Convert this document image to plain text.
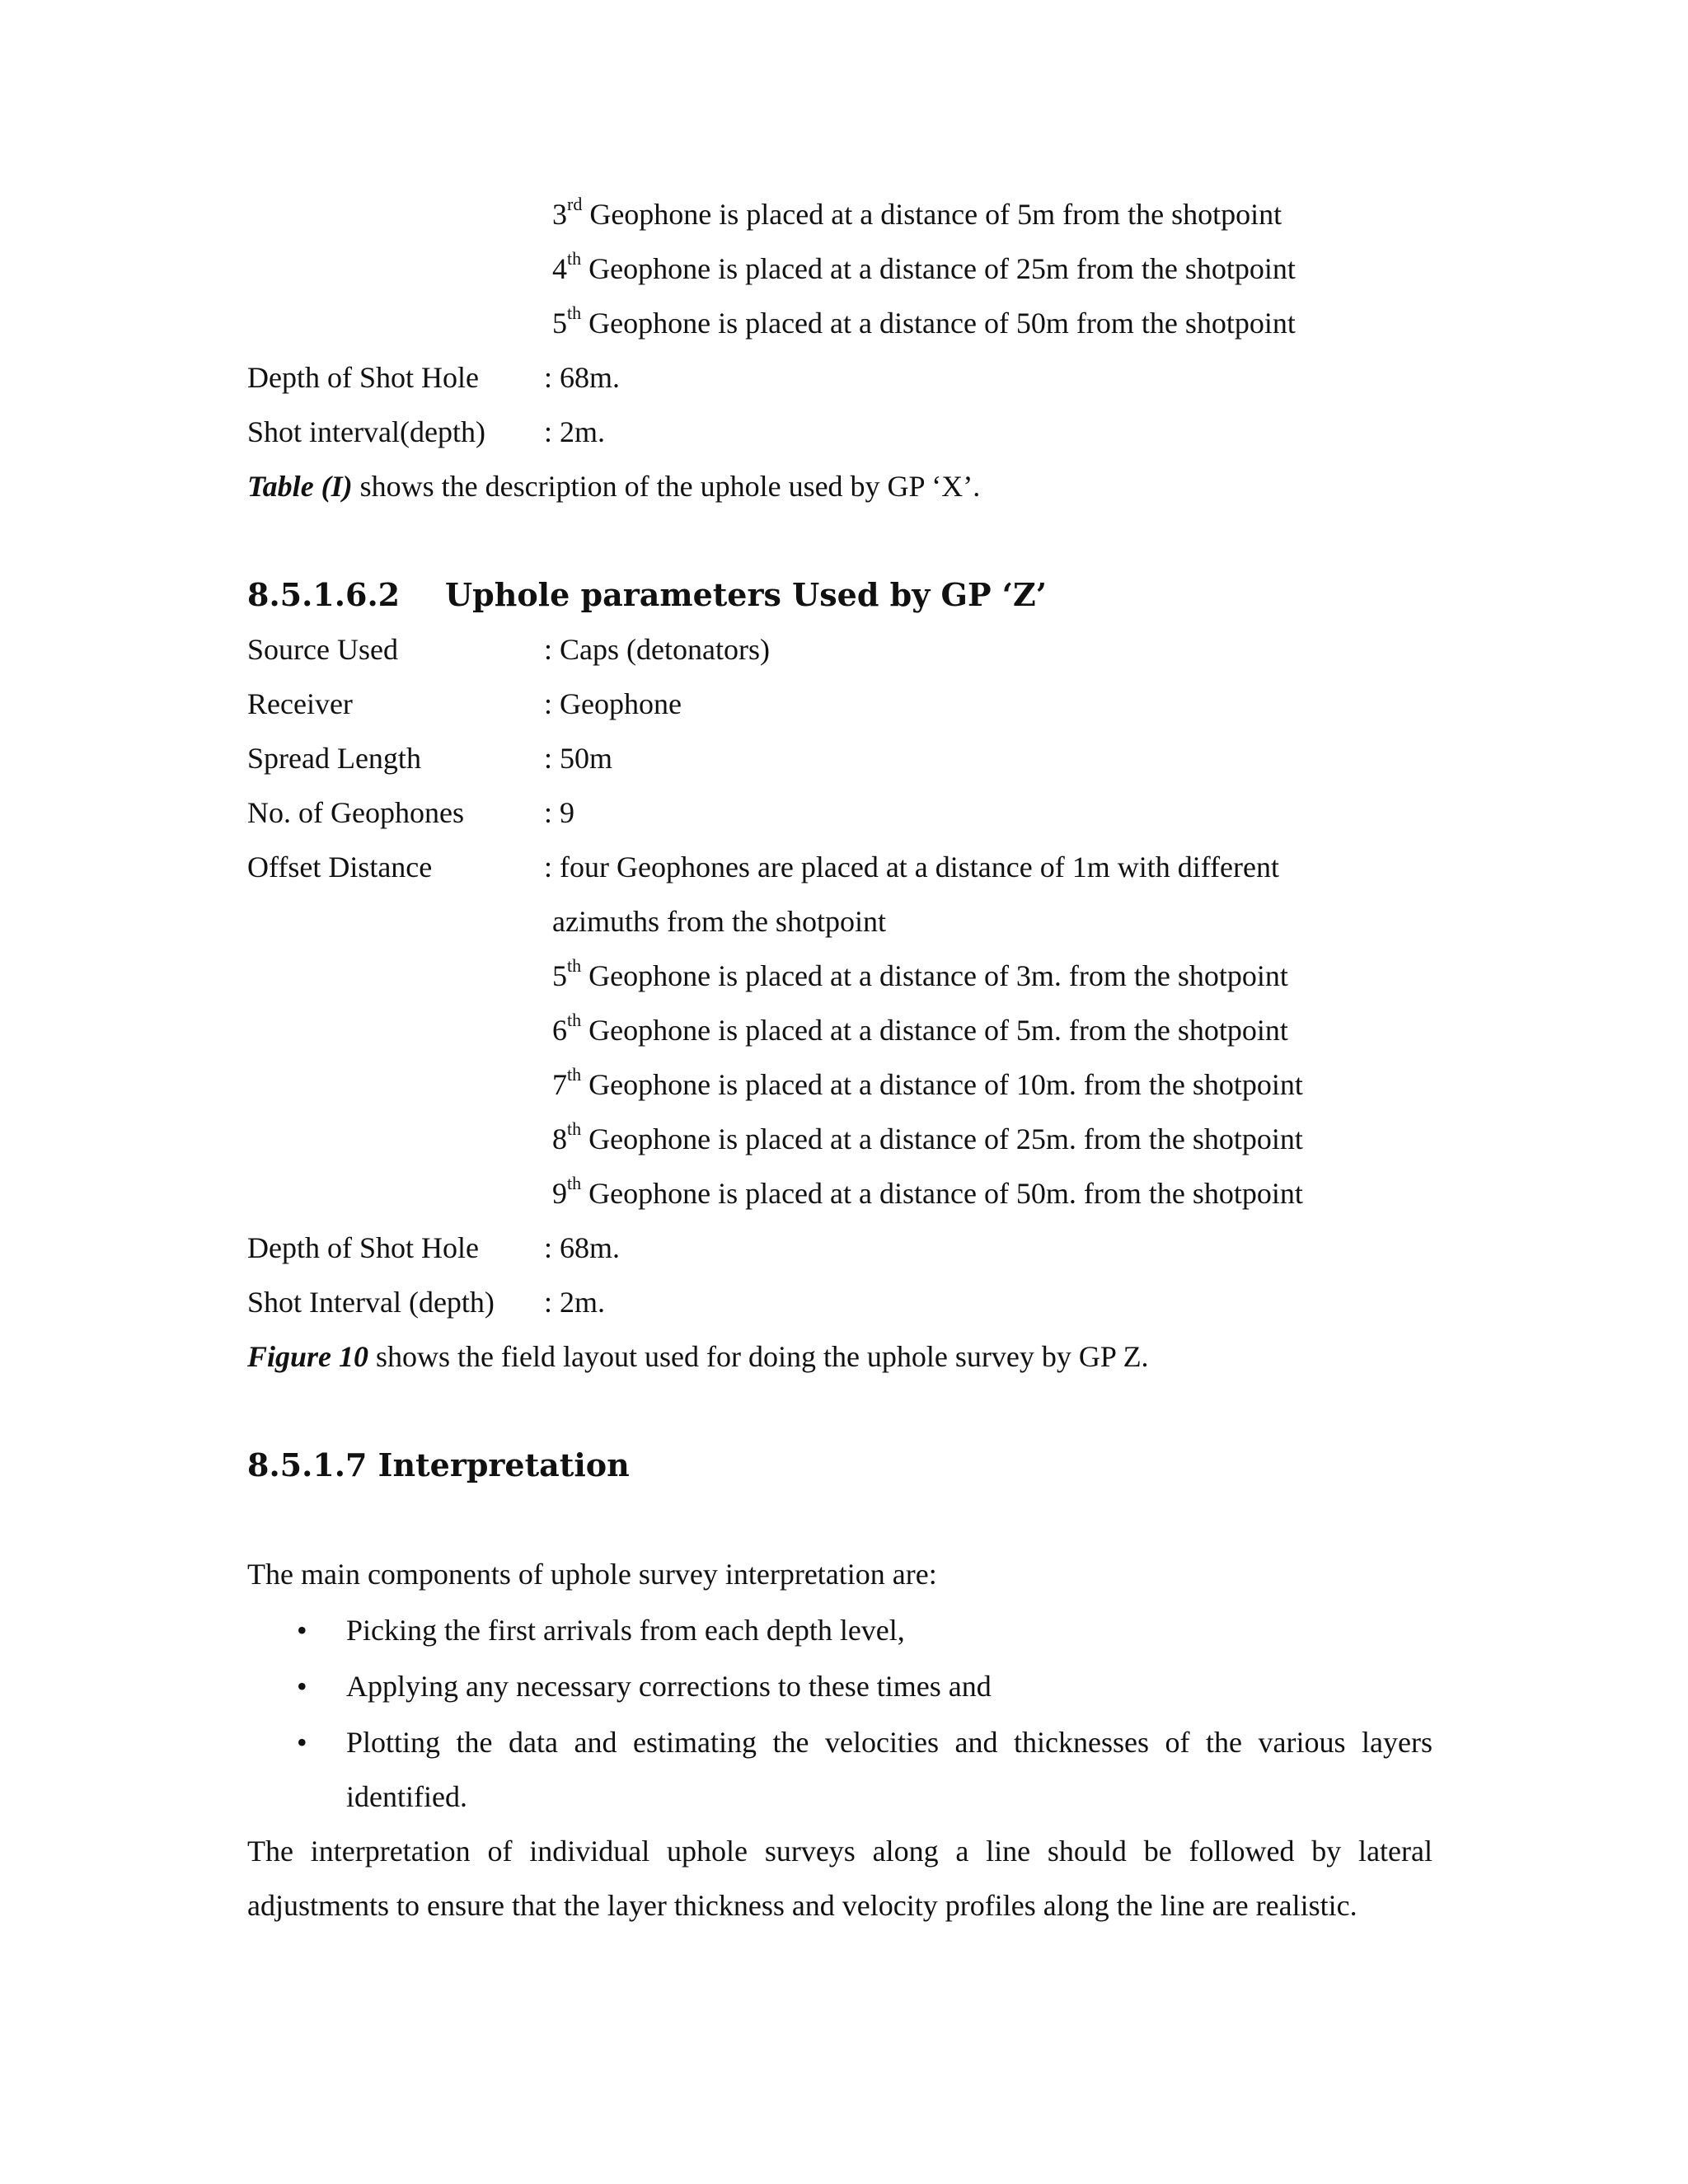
3rd Geophone is placed at a distance of 5m from the shotpoint
4th Geophone is placed at a distance of 25m from the shotpoint
5th Geophone is placed at a distance of 50m from the shotpoint
Depth of Shot Hole : 68m.
Shot interval(depth) : 2m.
Table (I) shows the description of the uphole used by GP ‘X’.
8.5.1.6.2 Uphole parameters Used by GP ‘Z’
Source Used	: Caps (detonators)
Receiver	: Geophone
Spread Length	: 50m
No. of Geophones	: 9
Offset Distance	: four Geophones are placed at a distance of 1m with different
azimuths from the shotpoint
5th Geophone is placed at a distance of 3m. from the shotpoint
6th Geophone is placed at a distance of 5m. from the shotpoint
7th Geophone is placed at a distance of 10m. from the shotpoint
8th Geophone is placed at a distance of 25m. from the shotpoint
9th Geophone is placed at a distance of 50m. from the shotpoint
Depth of Shot Hole : 68m.
Shot Interval (depth) : 2m.
Figure 10 shows the field layout used for doing the uphole survey by GP Z.
8.5.1.7 Interpretation
The main components of uphole survey interpretation are:
• Picking the first arrivals from each depth level,
• Applying any necessary corrections to these times and
• Plotting the data and estimating the velocities and thicknesses of the various layers
identified.
The interpretation of individual uphole surveys along a line should be followed by lateral
adjustments to ensure that the layer thickness and velocity profiles along the line are realistic.
